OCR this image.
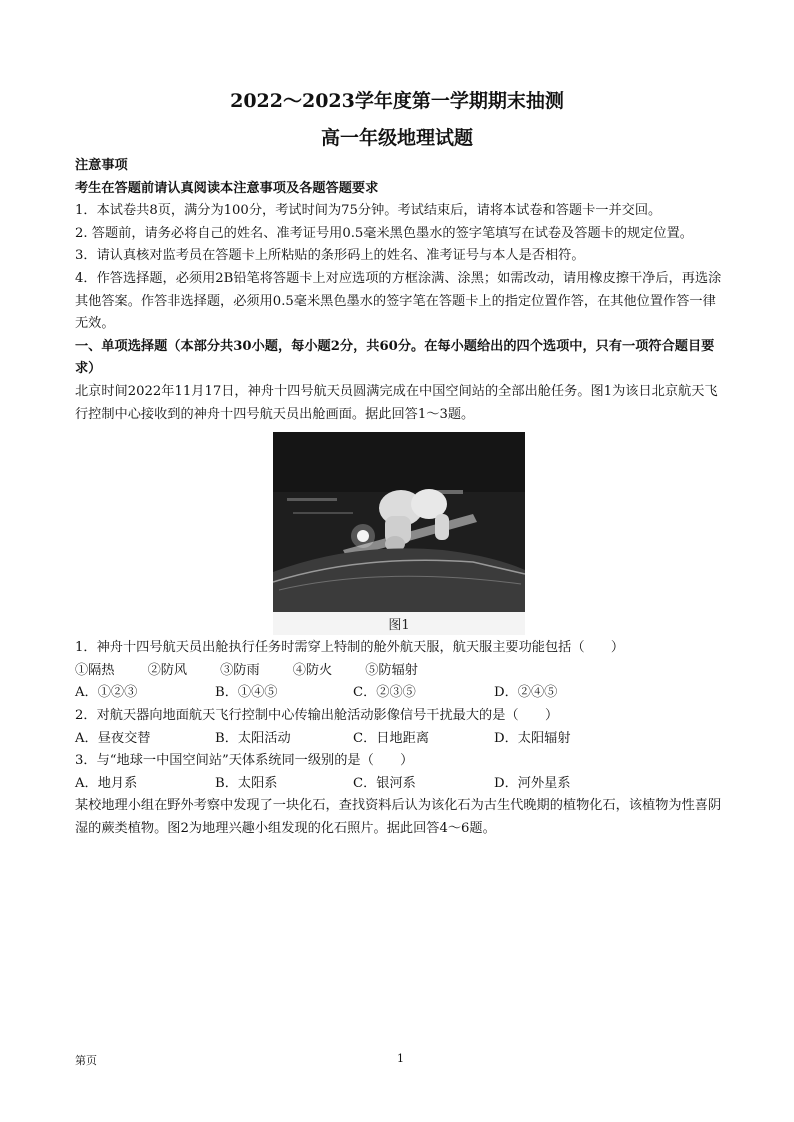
2022～2023学年度第一学期期末抽测
高一年级地理试题

注意事项

考生在答题前请认真阅读本注意事项及各题答题要求

1．本试卷共8页，满分为100分，考试时间为75分钟。考试结束后，请将本试卷和答题卡一并交回。

2. 答题前，请务必将自己的姓名、准考证号用0.5毫米黑色墨水的签字笔填写在试卷及答题卡的规定位置。

3．请认真核对监考员在答题卡上所粘贴的条形码上的姓名、准考证号与本人是否相符。

4．作答选择题，必须用2B铅笔将答题卡上对应选项的方框涂满、涂黑；如需改动，请用橡皮擦干净后，再选涂其他答案。作答非选择题，必须用0.5毫米黑色墨水的签字笔在答题卡上的指定位置作答，在其他位置作答一律无效。

一、单项选择题（本部分共30小题，每小题2分，共60分。在每小题给出的四个选项中，只有一项符合题目要求）

北京时间2022年11月17日，神舟十四号航天员圆满完成在中国空间站的全部出舱任务。图1为该日北京航天飞行控制中心接收到的神舟十四号航天员出舱画面。据此回答1～3题。

图1

1．神舟十四号航天员出舱执行任务时需穿上特制的舱外航天服，航天服主要功能包括（　　）

①隔热	②防风	③防雨	④防火	⑤防辐射
A．①②③	B．①④⑤	C．②③⑤	D．②④⑤

2．对航天器向地面航天飞行控制中心传输出舱活动影像信号干扰最大的是（　　）

A．昼夜交替	B．太阳活动	C．日地距离	D．太阳辐射

3．与“地球一中国空间站”天体系统同一级别的是（　　）

A．地月系	B．太阳系	C．银河系	D．河外星系

某校地理小组在野外考察中发现了一块化石，查找资料后认为该化石为古生代晚期的植物化石，该植物为性喜阴湿的蕨类植物。图2为地理兴趣小组发现的化石照片。据此回答4～6题。

第页	1
